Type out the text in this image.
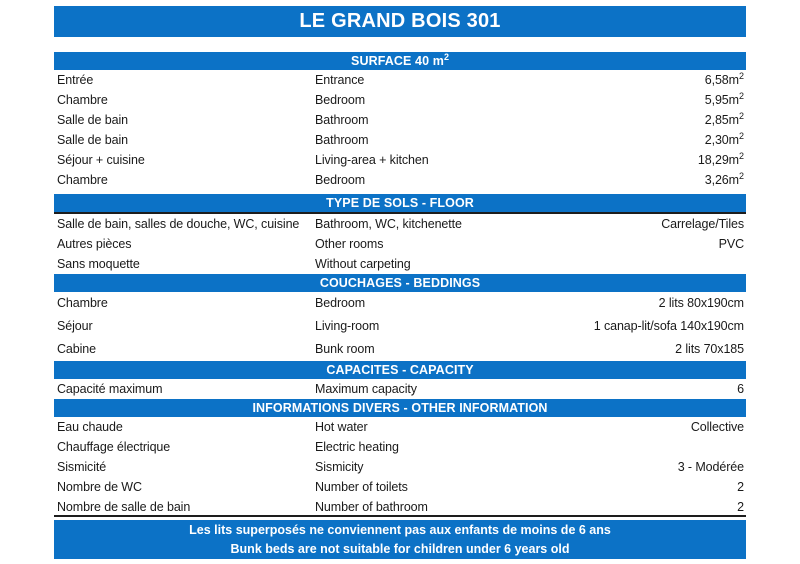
LE GRAND BOIS 301
SURFACE 40 $m^2$
Entrée	Entrance	$6,58m^2$
Chambre	Bedroom	$5,95m^2$
Salle de bain	Bathroom	$2,85m^2$
Salle de bain	Bathroom	$2,30m^2$
Séjour + cuisine	Living-area + kitchen	$18,29m^2$
Chambre	Bedroom	$3,26m^2$
TYPE DE SOLS - FLOOR
Salle de bain, salles de douche, WC, cuisine	Bathroom, WC, kitchenette	Carrelage/Tiles
Autres pièces	Other rooms	PVC
Sans moquette	Without carpeting
COUCHAGES - BEDDINGS
Chambre	Bedroom	2 lits 80x190cm
Séjour	Living-room	1 canap-lit/sofa 140x190cm
Cabine	Bunk room	2 lits 70x185
CAPACITES - CAPACITY
Capacité maximum	Maximum capacity	6
INFORMATIONS DIVERS - OTHER INFORMATION
Eau chaude	Hot water	Collective
Chauffage électrique	Electric heating
Sismicité	Sismicity	3 - Modérée
Nombre de WC	Number of toilets	2
Nombre de salle de bain	Number of bathroom	2
Les lits superposés ne conviennent pas aux enfants de moins de 6 ans
Bunk beds are not suitable for children under 6 years old
